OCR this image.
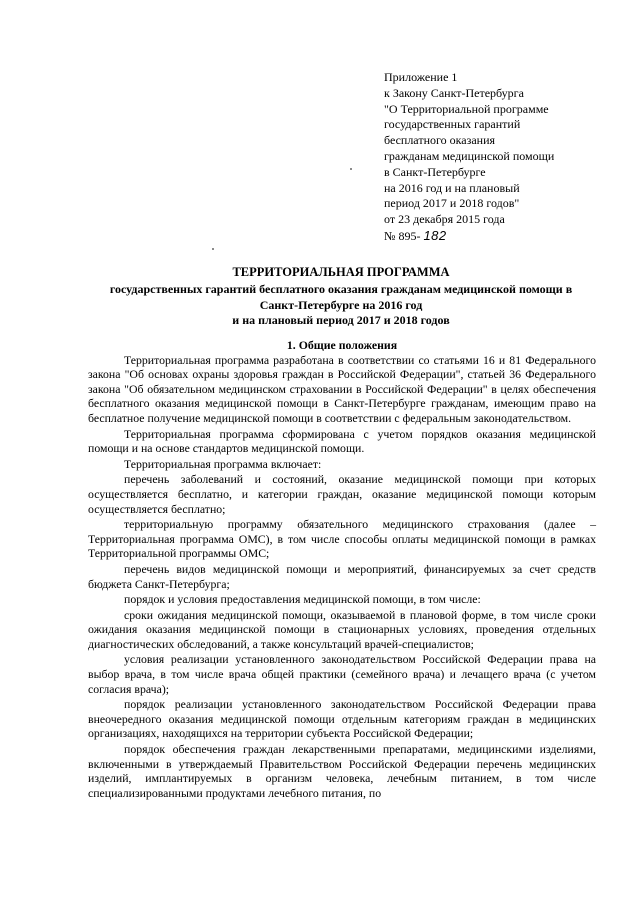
Приложение 1
к Закону Санкт-Петербурга
"О Территориальной программе
государственных гарантий
бесплатного оказания
гражданам медицинской помощи
в Санкт-Петербурге
на 2016 год и на плановый
период 2017 и 2018 годов"
от 23 декабря 2015 года
№ 895- 182
ТЕРРИТОРИАЛЬНАЯ ПРОГРАММА
государственных гарантий бесплатного оказания гражданам медицинской помощи в
Санкт-Петербурге на 2016 год
и на плановый период 2017 и 2018 годов
1. Общие положения

Территориальная программа разработана в соответствии со статьями 16 и 81 Федерального закона "Об основах охраны здоровья граждан в Российской Федерации", статьей 36 Федерального закона "Об обязательном медицинском страховании в Российской Федерации" в целях обеспечения бесплатного оказания медицинской помощи в Санкт-Петербурге гражданам, имеющим право на бесплатное получение медицинской помощи в соответствии с федеральным законодательством.

Территориальная программа сформирована с учетом порядков оказания медицинской помощи и на основе стандартов медицинской помощи.

Территориальная программа включает:

перечень заболеваний и состояний, оказание медицинской помощи при которых осуществляется бесплатно, и категории граждан, оказание медицинской помощи которым осуществляется бесплатно;

территориальную программу обязательного медицинского страхования (далее – Территориальная программа ОМС), в том числе способы оплаты медицинской помощи в рамках Территориальной программы ОМС;

перечень видов медицинской помощи и мероприятий, финансируемых за счет средств бюджета Санкт-Петербурга;

порядок и условия предоставления медицинской помощи, в том числе:

сроки ожидания медицинской помощи, оказываемой в плановой форме, в том числе сроки ожидания оказания медицинской помощи в стационарных условиях, проведения отдельных диагностических обследований, а также консультаций врачей-специалистов;

условия реализации установленного законодательством Российской Федерации права на выбор врача, в том числе врача общей практики (семейного врача) и лечащего врача (с учетом согласия врача);

порядок реализации установленного законодательством Российской Федерации права внеочередного оказания медицинской помощи отдельным категориям граждан в медицинских организациях, находящихся на территории субъекта Российской Федерации;

порядок обеспечения граждан лекарственными препаратами, медицинскими изделиями, включенными в утверждаемый Правительством Российской Федерации перечень медицинских изделий, имплантируемых в организм человека, лечебным питанием, в том числе специализированными продуктами лечебного питания, по
